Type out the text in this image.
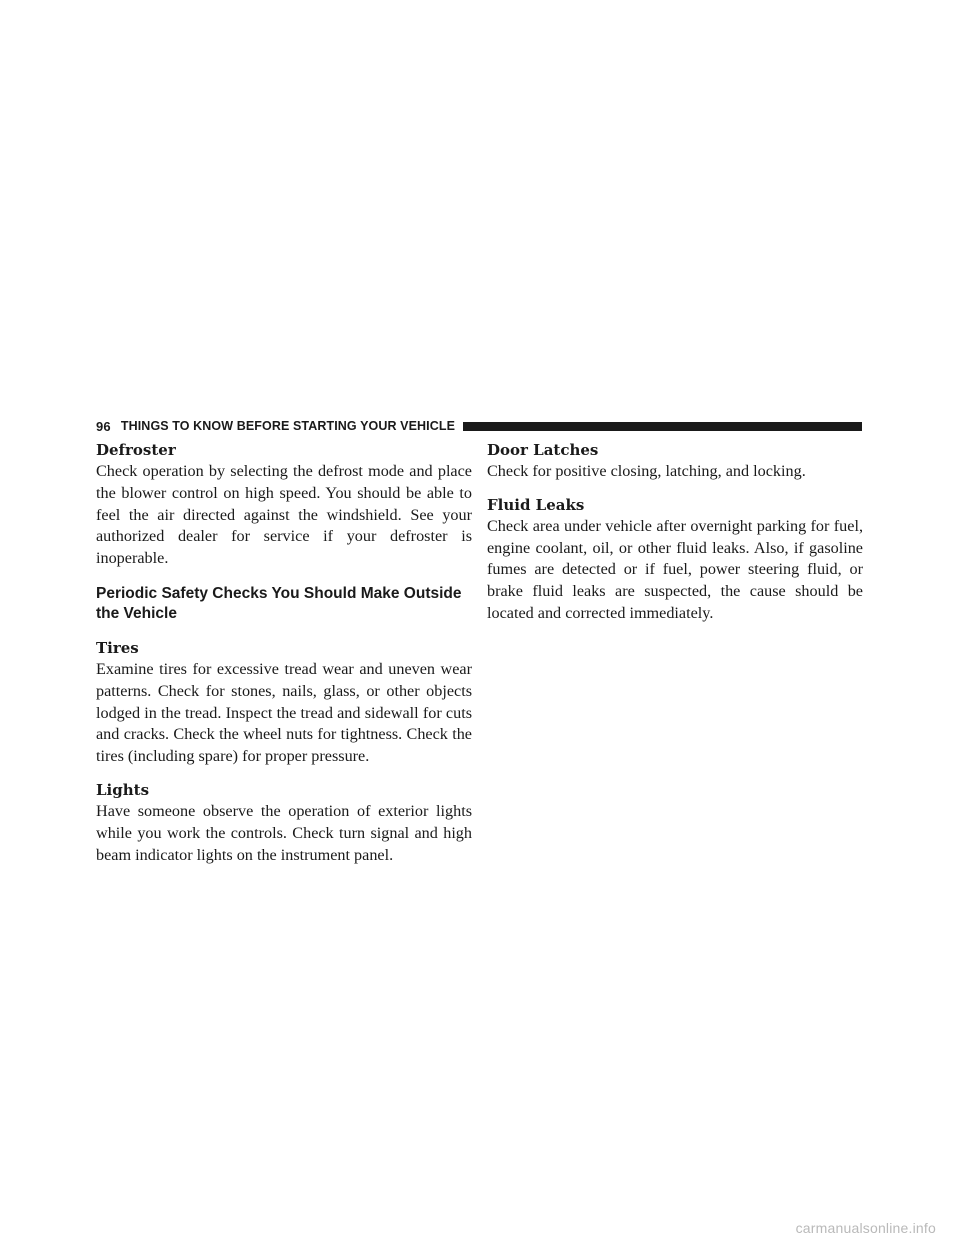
96 THINGS TO KNOW BEFORE STARTING YOUR VEHICLE
Defroster

Check operation by selecting the defrost mode and place the blower control on high speed. You should be able to feel the air directed against the windshield. See your authorized dealer for service if your defroster is inoperable.

Periodic Safety Checks You Should Make Outside the Vehicle
Tires

Examine tires for excessive tread wear and uneven wear patterns. Check for stones, nails, glass, or other objects lodged in the tread. Inspect the tread and sidewall for cuts and cracks. Check the wheel nuts for tightness. Check the tires (including spare) for proper pressure.

Lights

Have someone observe the operation of exterior lights while you work the controls. Check turn signal and high beam indicator lights on the instrument panel.

Door Latches

Check for positive closing, latching, and locking.

Fluid Leaks

Check area under vehicle after overnight parking for fuel, engine coolant, oil, or other fluid leaks. Also, if gasoline fumes are detected or if fuel, power steering fluid, or brake fluid leaks are suspected, the cause should be located and corrected immediately.

carmanualsonline.info
